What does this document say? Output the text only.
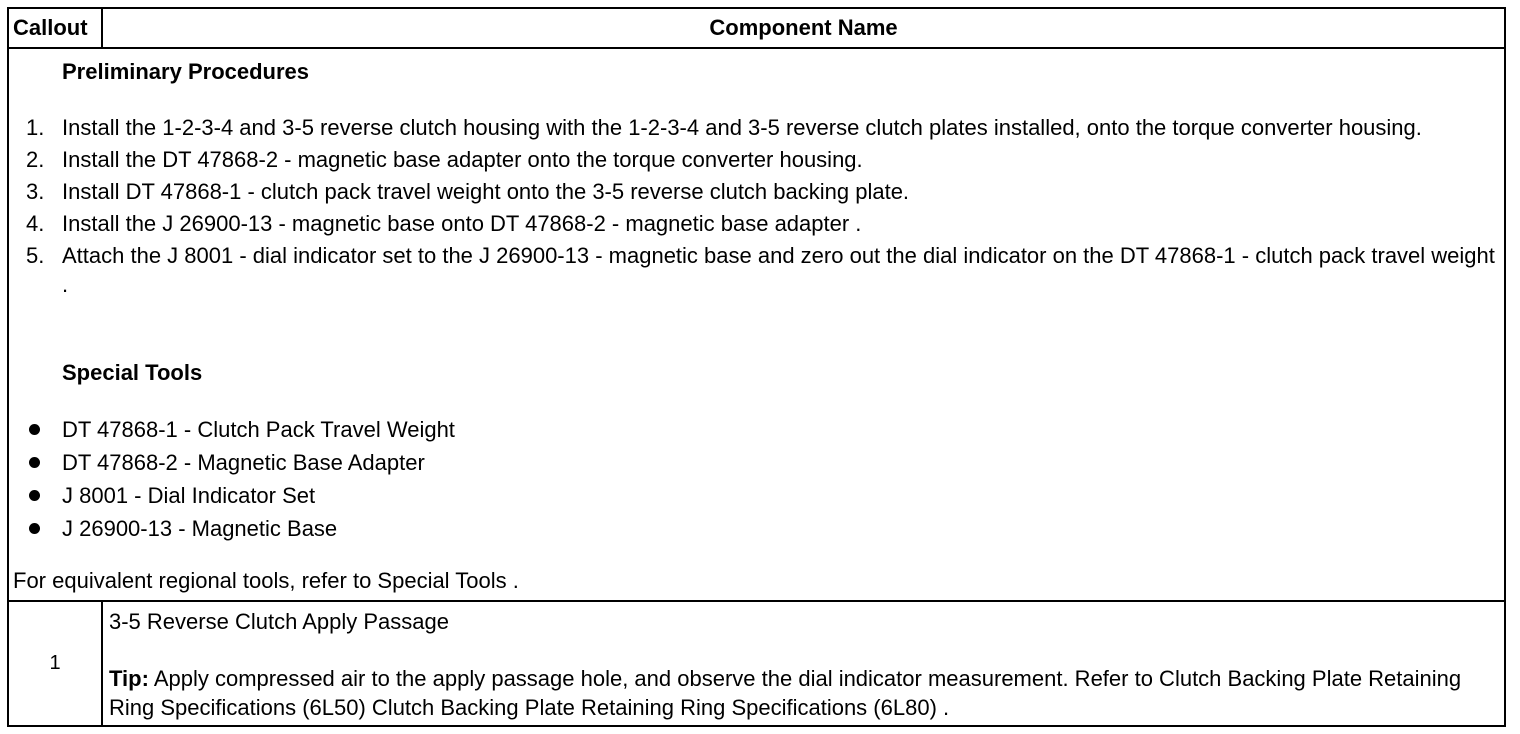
Callout	Component Name
Preliminary Procedures
1. Install the 1-2-3-4 and 3-5 reverse clutch housing with the 1-2-3-4 and 3-5 reverse clutch plates installed, onto the torque converter housing.
2. Install the DT 47868-2 - magnetic base adapter onto the torque converter housing.
3. Install DT 47868-1 - clutch pack travel weight onto the 3-5 reverse clutch backing plate.
4. Install the J 26900-13 - magnetic base onto DT 47868-2 - magnetic base adapter .
5. Attach the J 8001 - dial indicator set to the J 26900-13 - magnetic base and zero out the dial indicator on the DT 47868-1 - clutch pack travel weight .
Special Tools
DT 47868-1 - Clutch Pack Travel Weight
DT 47868-2 - Magnetic Base Adapter
J 8001 - Dial Indicator Set
J 26900-13 - Magnetic Base
For equivalent regional tools, refer to Special Tools .
1
3-5 Reverse Clutch Apply Passage
Tip: Apply compressed air to the apply passage hole, and observe the dial indicator measurement. Refer to Clutch Backing Plate Retaining Ring Specifications (6L50) Clutch Backing Plate Retaining Ring Specifications (6L80) .
